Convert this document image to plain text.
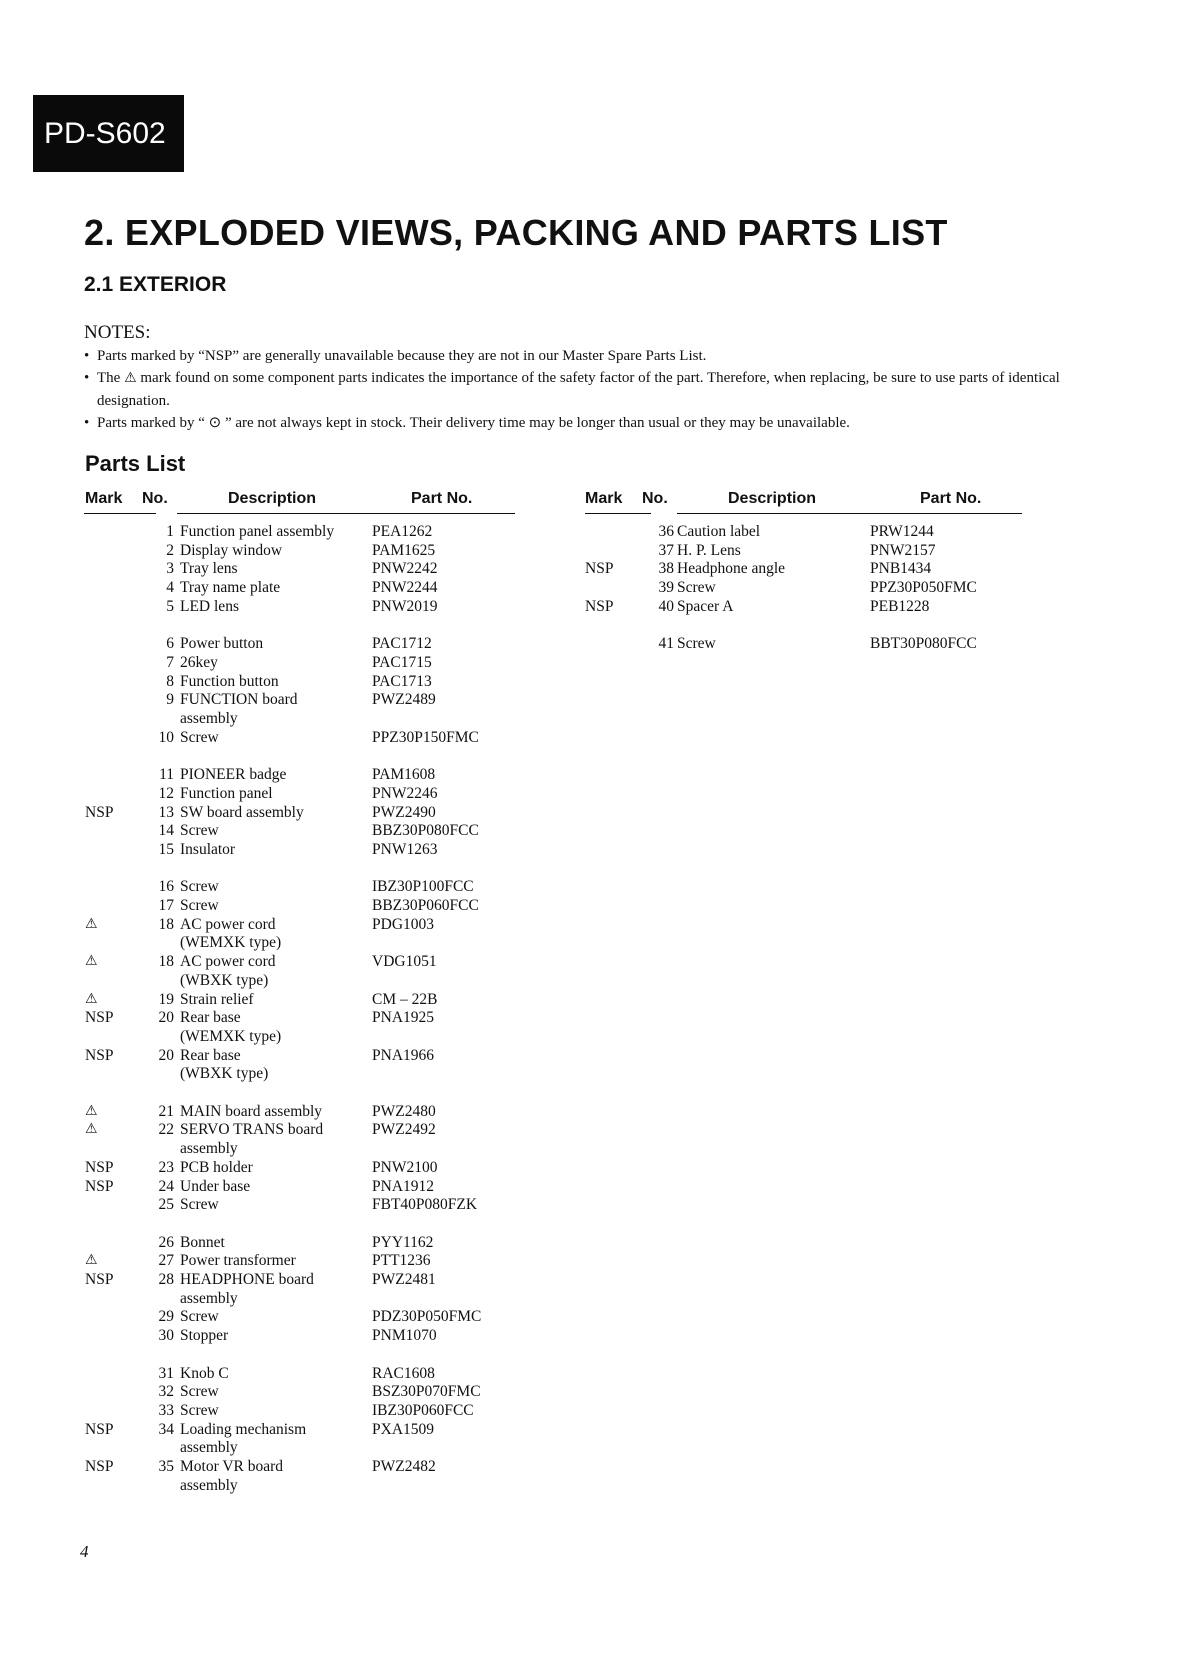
PD-S602
2. EXPLODED VIEWS, PACKING AND PARTS LIST
2.1 EXTERIOR
NOTES:
• Parts marked by “NSP” are generally unavailable because they are not in our Master Spare Parts List.
• The ⚠ mark found on some component parts indicates the importance of the safety factor of the part. Therefore, when replacing, be sure to use parts of identical designation.
• Parts marked by “ ⊙ ” are not always kept in stock. Their delivery time may be longer than usual or they may be unavailable.
Parts List
Mark No.	Description	Part No.	Mark No.	Description	Part No.
1 Function panel assembly PEA1262
2 Display window	PAM1625
3 Tray lens	PNW2242
4 Tray name plate	PNW2244
5 LED lens	PNW2019
6 Power button	PAC1712
7 26key	PAC1715
8 Function button	PAC1713
9 FUNCTION board	PWZ2489
assembly
10 Screw	PPZ30P150FMC
11 PIONEER badge	PAM1608
12 Function panel	PNW2246
NSP	13 SW board assembly	PWZ2490
14 Screw	BBZ30P080FCC
15 Insulator	PNW1263
16 Screw	IBZ30P100FCC
17 Screw	BBZ30P060FCC
⚠	18 AC power cord	PDG1003
(WEMXK type)
⚠	18 AC power cord	VDG1051
(WBXK type)
⚠	19 Strain relief	CM – 22B
NSP	20 Rear base	PNA1925
(WEMXK type)
NSP	20 Rear base	PNA1966
(WBXK type)
⚠	21 MAIN board assembly	PWZ2480
⚠	22 SERVO TRANS board	PWZ2492
assembly
NSP	23 PCB holder	PNW2100
NSP	24 Under base	PNA1912
25 Screw	FBT40P080FZK
26 Bonnet	PYY1162
⚠	27 Power transformer	PTT1236
NSP	28 HEADPHONE board	PWZ2481
assembly
29 Screw	PDZ30P050FMC
30 Stopper	PNM1070
31 Knob C	RAC1608
32 Screw	BSZ30P070FMC
33 Screw	IBZ30P060FCC
NSP	34 Loading mechanism	PXA1509
assembly
NSP	35 Motor VR board	PWZ2482
assembly
36 Caution label	PRW1244
37 H. P. Lens	PNW2157
NSP	38 Headphone angle	PNB1434
39 Screw	PPZ30P050FMC
NSP	40 Spacer A	PEB1228
41 Screw	BBT30P080FCC
4
